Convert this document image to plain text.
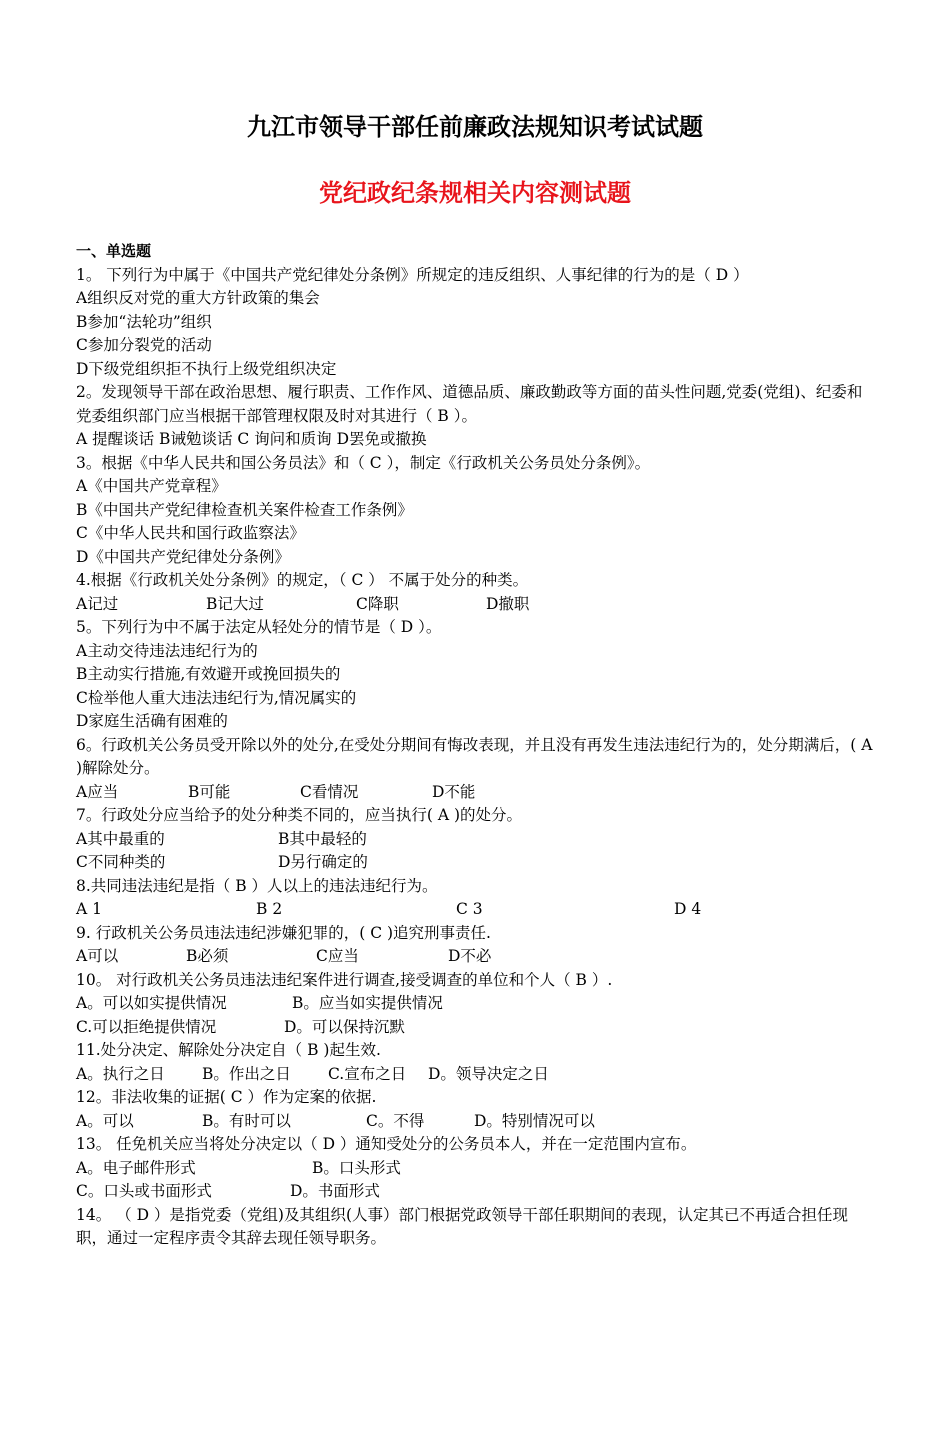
九江市领导干部任前廉政法规知识考试试题
党纪政纪条规相关内容测试题
一、单选题
1。 下列行为中属于《中国共产党纪律处分条例》所规定的违反组织、人事纪律的行为的是（ D ）
A组织反对党的重大方针政策的集会
B参加“法轮功”组织
C参加分裂党的活动
D下级党组织拒不执行上级党组织决定
2。发现领导干部在政治思想、履行职责、工作作风、道德品质、廉政勤政等方面的苗头性问题,党委(党组)、纪委和党委组织部门应当根据干部管理权限及时对其进行（ B ）。
A 提醒谈话 B诫勉谈话 C 询问和质询 D罢免或撤换
3。根据《中华人民共和国公务员法》和（ C ），制定《行政机关公务员处分条例》。
A《中国共产党章程》
B《中国共产党纪律检查机关案件检查工作条例》
C《中华人民共和国行政监察法》
D《中国共产党纪律处分条例》
4.根据《行政机关处分条例》的规定，（ C ） 不属于处分的种类。
A记过	B记大过	C降职	D撤职
5。下列行为中不属于法定从轻处分的情节是（ D ）。
A主动交待违法违纪行为的
B主动实行措施,有效避开或挽回损失的
C检举他人重大违法违纪行为,情况属实的
D家庭生活确有困难的
6。行政机关公务员受开除以外的处分,在受处分期间有悔改表现，并且没有再发生违法违纪行为的，处分期满后，( A )解除处分。
A应当	B可能	C看情况	D不能
7。行政处分应当给予的处分种类不同的，应当执行( A )的处分。
A其中最重的	B其中最轻的
C不同种类的	D另行确定的
8.共同违法违纪是指（ B ）人以上的违法违纪行为。
A 1	B 2	C 3	D 4
9. 行政机关公务员违法违纪涉嫌犯罪的，( C )追究刑事责任.
A可以	B必须	C应当	D不必
10。 对行政机关公务员违法违纪案件进行调查,接受调查的单位和个人（ B ）.
A。可以如实提供情况	B。应当如实提供情况
C.可以拒绝提供情况	D。可以保持沉默
11.处分决定、解除处分决定自（ B )起生效.
A。执行之日 B。作出之日 C.宣布之日 D。领导决定之日
12。非法收集的证据( C ）作为定案的依据.
A。可以	B。有时可以	C。不得	D。特别情况可以
13。 任免机关应当将处分决定以（ D ）通知受处分的公务员本人，并在一定范围内宣布。
A。电子邮件形式	B。口头形式
C。口头或书面形式	D。书面形式
14。 （ D ）是指党委（党组)及其组织(人事）部门根据党政领导干部任职期间的表现，认定其已不再适合担任现职，通过一定程序责令其辞去现任领导职务。
